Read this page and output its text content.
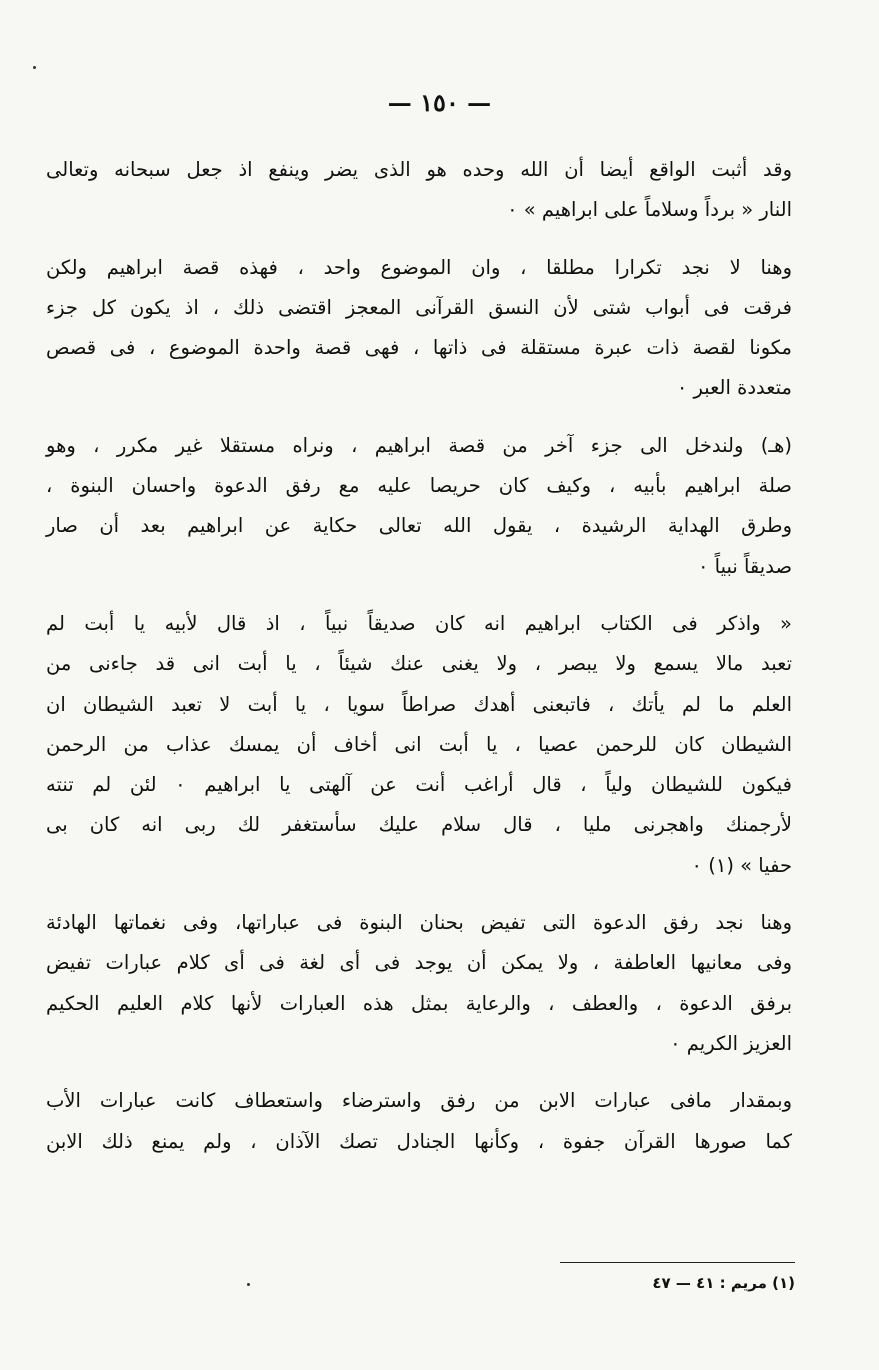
— ١٥٠ —

وقد أثبت الواقع أيضا أن الله وحده هو الذى يضر وينفع اذ جعل سبحانه وتعالى
النار « برداً وسلاماً على ابراهيم » ٠

وهنا لا نجد تكرارا مطلقا ، وان الموضوع واحد ، فهذه قصة ابراهيم ولكن
فرقت فى أبواب شتى لأن النسق القرآنى المعجز اقتضى ذلك ، اذ يكون كل جزء
مكونا لقصة ذات عبرة مستقلة فى ذاتها ، فهى قصة واحدة الموضوع ، فى قصص
متعددة العبر ٠

(هـ) ولندخل الى جزء آخر من قصة ابراهيم ، ونراه مستقلا غير مكرر ، وهو
صلة ابراهيم بأبيه ، وكيف كان حريصا عليه مع رفق الدعوة واحسان البنوة ،
وطرق الهداية الرشيدة ، يقول الله تعالى حكاية عن ابراهيم بعد أن صار
صديقاً نبياً ٠

« واذكر فى الكتاب ابراهيم انه كان صديقاً نبياً ، اذ قال لأبيه يا أبت لم
تعبد مالا يسمع ولا يبصر ، ولا يغنى عنك شيئاً ، يا أبت انى قد جاءنى من
العلم ما لم يأتك ، فاتبعنى أهدك صراطاً سويا ، يا أبت لا تعبد الشيطان ان
الشيطان كان للرحمن عصيا ، يا أبت انى أخاف أن يمسك عذاب من الرحمن
فيكون للشيطان ولياً ، قال أراغب أنت عن آلهتى يا ابراهيم ٠ لئن لم تنته
لأرجمنك واهجرنى مليا ، قال سلام عليك سأستغفر لك ربى انه كان بى
حفيا » (١) ٠

وهنا نجد رفق الدعوة التى تفيض بحنان البنوة فى عباراتها، وفى نغماتها الهادئة
وفى معانيها العاطفة ، ولا يمكن أن يوجد فى أى لغة فى أى كلام عبارات تفيض
برفق الدعوة ، والعطف ، والرعاية بمثل هذه العبارات لأنها كلام العليم الحكيم
العزيز الكريم ٠

وبمقدار مافى عبارات الابن من رفق واسترضاء واستعطاف كانت عبارات الأب
كما صورها القرآن جفوة ، وكأنها الجنادل تصك الآذان ، ولم يمنع ذلك الابن

(١) مريم : ٤١ — ٤٧
